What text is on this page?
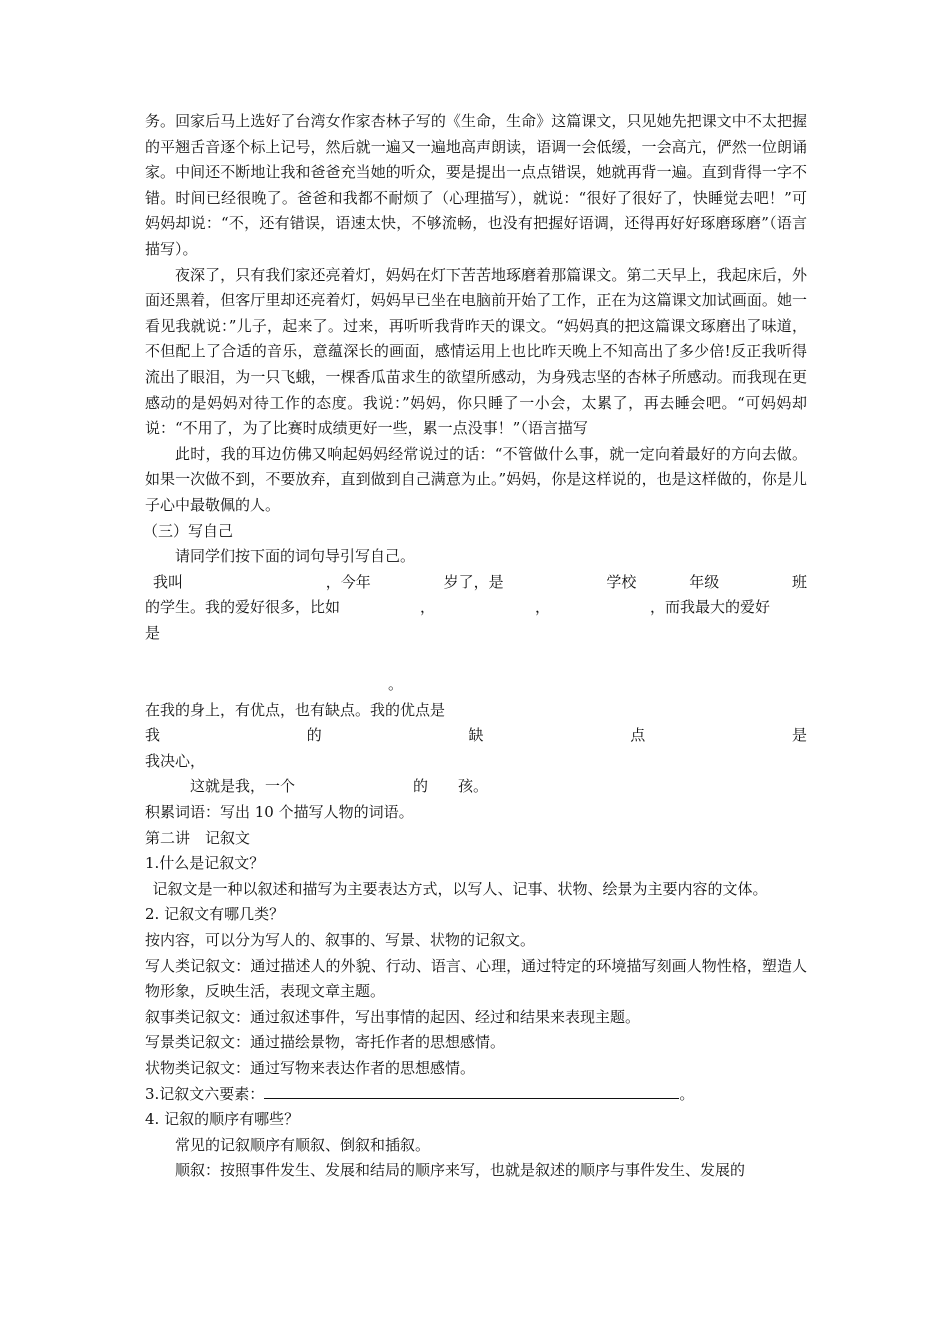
务。回家后马上选好了台湾女作家杏林子写的《生命，生命》这篇课文，只见她先把课文中不太把握的平翘舌音逐个标上记号，然后就一遍又一遍地高声朗读，语调一会低缓，一会高亢，俨然一位朗诵家。中间还不断地让我和爸爸充当她的听众，要是提出一点点错误，她就再背一遍。直到背得一字不错。时间已经很晚了。爸爸和我都不耐烦了（心理描写），就说：“很好了很好了，快睡觉去吧！”可妈妈却说：“不，还有错误，语速太快，不够流畅，也没有把握好语调，还得再好好琢磨琢磨”（语言描写）。

夜深了，只有我们家还亮着灯，妈妈在灯下苦苦地琢磨着那篇课文。第二天早上，我起床后，外面还黑着，但客厅里却还亮着灯，妈妈早已坐在电脑前开始了工作，正在为这篇课文加试画面。她一看见我就说：”儿子，起来了。过来，再听听我背昨天的课文。“妈妈真的把这篇课文琢磨出了味道，不但配上了合适的音乐，意蕴深长的画面，感情运用上也比昨天晚上不知高出了多少倍!反正我听得流出了眼泪，为一只飞蛾，一棵香瓜苗求生的欲望所感动，为身残志坚的杏林子所感动。而我现在更感动的是妈妈对待工作的态度。我说：”妈妈，你只睡了一小会，太累了，再去睡会吧。“可妈妈却说：“不用了，为了比赛时成绩更好一些，累一点没事！”（语言描写

此时，我的耳边仿佛又响起妈妈经常说过的话：“不管做什么事，就一定向着最好的方向去做。如果一次做不到，不要放弃，直到做到自己满意为止。”妈妈，你是这样说的，也是这样做的，你是儿子心中最敬佩的人。

（三）写自己

请同学们按下面的词句导引写自己。

我叫	，今年	岁了，是	学校	年级	班

的学生。我的爱好很多，比如	，	，	，而我最大的爱好

是

。

在我的身上，有优点，也有缺点。我的优点是

我	的	缺	点	是

我决心，

这就是我，一个	的 孩。

积累词语：写出 10 个描写人物的词语。

第二讲　记叙文

1.什么是记叙文？

记叙文是一种以叙述和描写为主要表达方式，以写人、记事、状物、绘景为主要内容的文体。

2. 记叙文有哪几类？

按内容，可以分为写人的、叙事的、写景、状物的记叙文。

写人类记叙文：通过描述人的外貌、行动、语言、心理，通过特定的环境描写刻画人物性格，塑造人物形象，反映生活，表现文章主题。

叙事类记叙文：通过叙述事件，写出事情的起因、经过和结果来表现主题。

写景类记叙文：通过描绘景物，寄托作者的思想感情。

状物类记叙文：通过写物来表达作者的思想感情。

3.记叙文六要素：	。

4. 记叙的顺序有哪些？

常见的记叙顺序有顺叙、倒叙和插叙。

顺叙：按照事件发生、发展和结局的顺序来写，也就是叙述的顺序与事件发生、发展的
